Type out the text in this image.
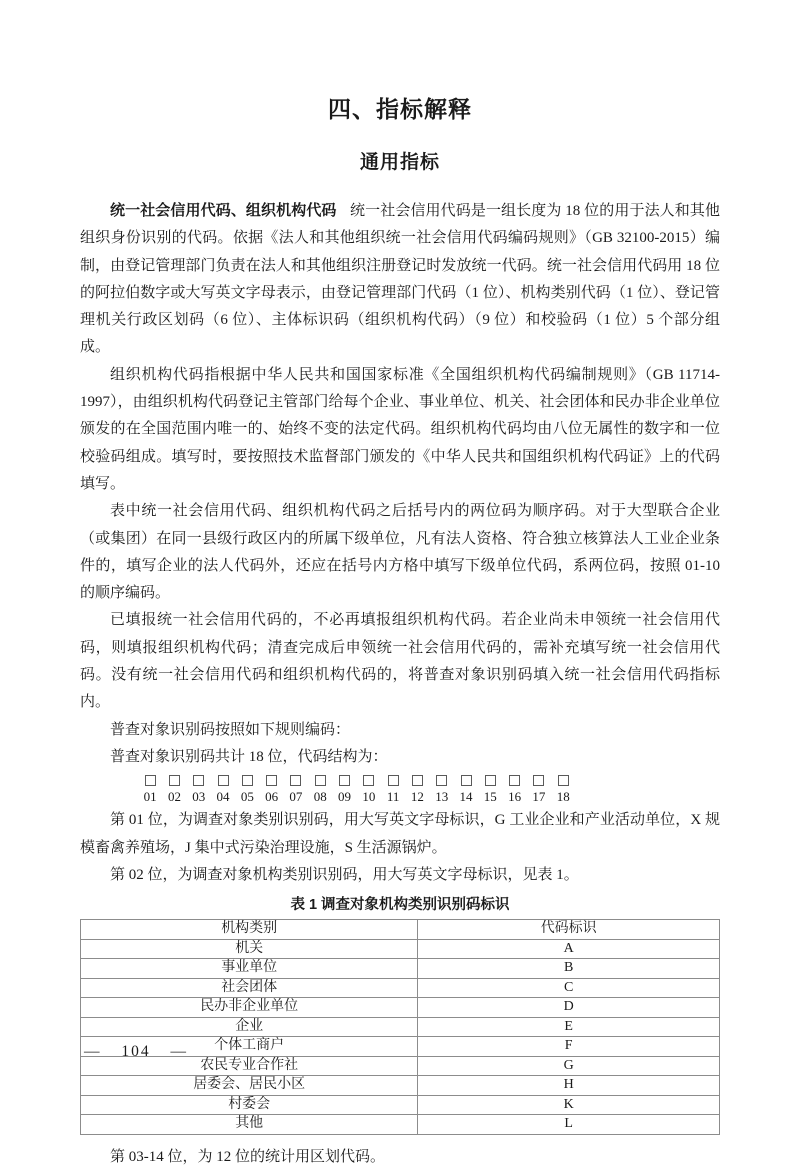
四、指标解释
通用指标

统一社会信用代码、组织机构代码 统一社会信用代码是一组长度为 18 位的用于法人和其他组织身份识别的代码。依据《法人和其他组织统一社会信用代码编码规则》（GB 32100-2015）编制，由登记管理部门负责在法人和其他组织注册登记时发放统一代码。统一社会信用代码用 18 位的阿拉伯数字或大写英文字母表示，由登记管理部门代码（1 位）、机构类别代码（1 位）、登记管理机关行政区划码（6 位）、主体标识码（组织机构代码）（9 位）和校验码（1 位）5 个部分组成。

组织机构代码指根据中华人民共和国国家标准《全国组织机构代码编制规则》（GB 11714-1997），由组织机构代码登记主管部门给每个企业、事业单位、机关、社会团体和民办非企业单位颁发的在全国范围内唯一的、始终不变的法定代码。组织机构代码均由八位无属性的数字和一位校验码组成。填写时，要按照技术监督部门颁发的《中华人民共和国组织机构代码证》上的代码填写。

表中统一社会信用代码、组织机构代码之后括号内的两位码为顺序码。对于大型联合企业（或集团）在同一县级行政区内的所属下级单位，凡有法人资格、符合独立核算法人工业企业条件的，填写企业的法人代码外，还应在括号内方格中填写下级单位代码，系两位码，按照 01-10 的顺序编码。

已填报统一社会信用代码的，不必再填报组织机构代码。若企业尚未申领统一社会信用代码，则填报组织机构代码；清查完成后申领统一社会信用代码的，需补充填写统一社会信用代码。没有统一社会信用代码和组织机构代码的，将普查对象识别码填入统一社会信用代码指标内。

普查对象识别码按照如下规则编码：

普查对象识别码共计 18 位，代码结构为：

01 02 03 04 05 06 07 08 09 10 11 12 13 14 15 16 17 18

第 01 位，为调查对象类别识别码，用大写英文字母标识，G 工业企业和产业活动单位，X 规模畜禽养殖场，J 集中式污染治理设施，S 生活源锅炉。

第 02 位，为调查对象机构类别识别码，用大写英文字母标识，见表 1。

表 1 调查对象机构类别识别码标识
机构类别	代码标识
机关	A
事业单位	B
社会团体	C
民办非企业单位	D
企业	E
个体工商户	F
农民专业合作社	G
居委会、居民小区	H
村委会	K
其他	L

第 03-14 位，为 12 位的统计用区划代码。

— 104 —
